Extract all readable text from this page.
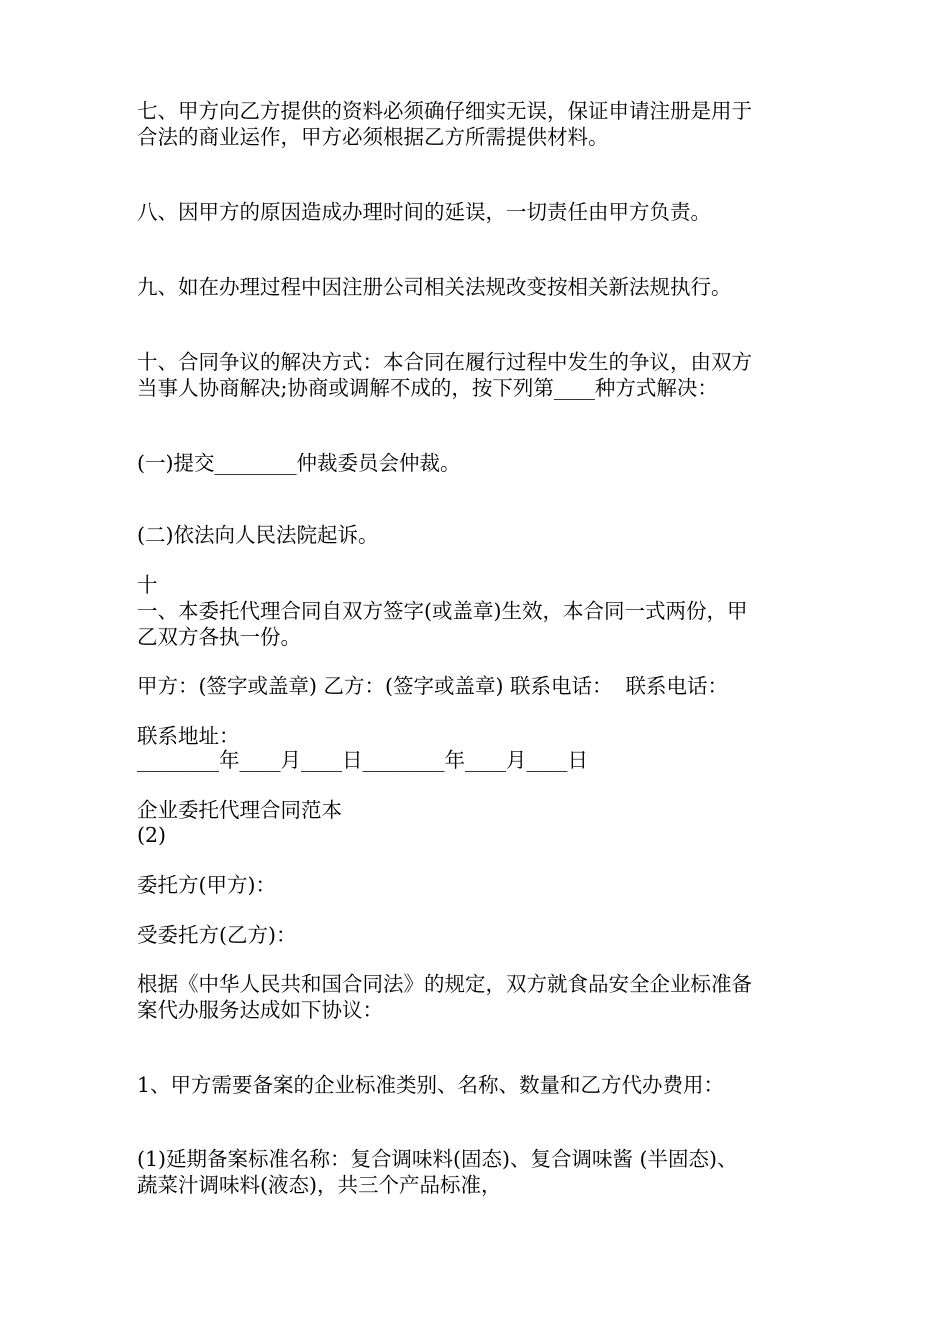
七、甲方向乙方提供的资料必须确仔细实无误，保证申请注册是用于
合法的商业运作，甲方必须根据乙方所需提供材料。
八、因甲方的原因造成办理时间的延误，一切责任由甲方负责。
九、如在办理过程中因注册公司相关法规改变按相关新法规执行。
十、合同争议的解决方式：本合同在履行过程中发生的争议，由双方
当事人协商解决;协商或调解不成的，按下列第____种方式解决：
(一)提交________仲裁委员会仲裁。
(二)依法向人民法院起诉。
十
一、本委托代理合同自双方签字(或盖章)生效，本合同一式两份，甲
乙双方各执一份。
甲方：(签字或盖章) 乙方：(签字或盖章) 联系电话：  联系电话：
联系地址：
________年____月____日________年____月____日
企业委托代理合同范本
(2)
委托方(甲方)：
受委托方(乙方)：
根据《中华人民共和国合同法》的规定，双方就食品安全企业标准备
案代办服务达成如下协议：
1、甲方需要备案的企业标准类别、名称、数量和乙方代办费用：
(1)延期备案标准名称：复合调味料(固态)、复合调味酱 (半固态)、
蔬菜汁调味料(液态)，共三个产品标准，
